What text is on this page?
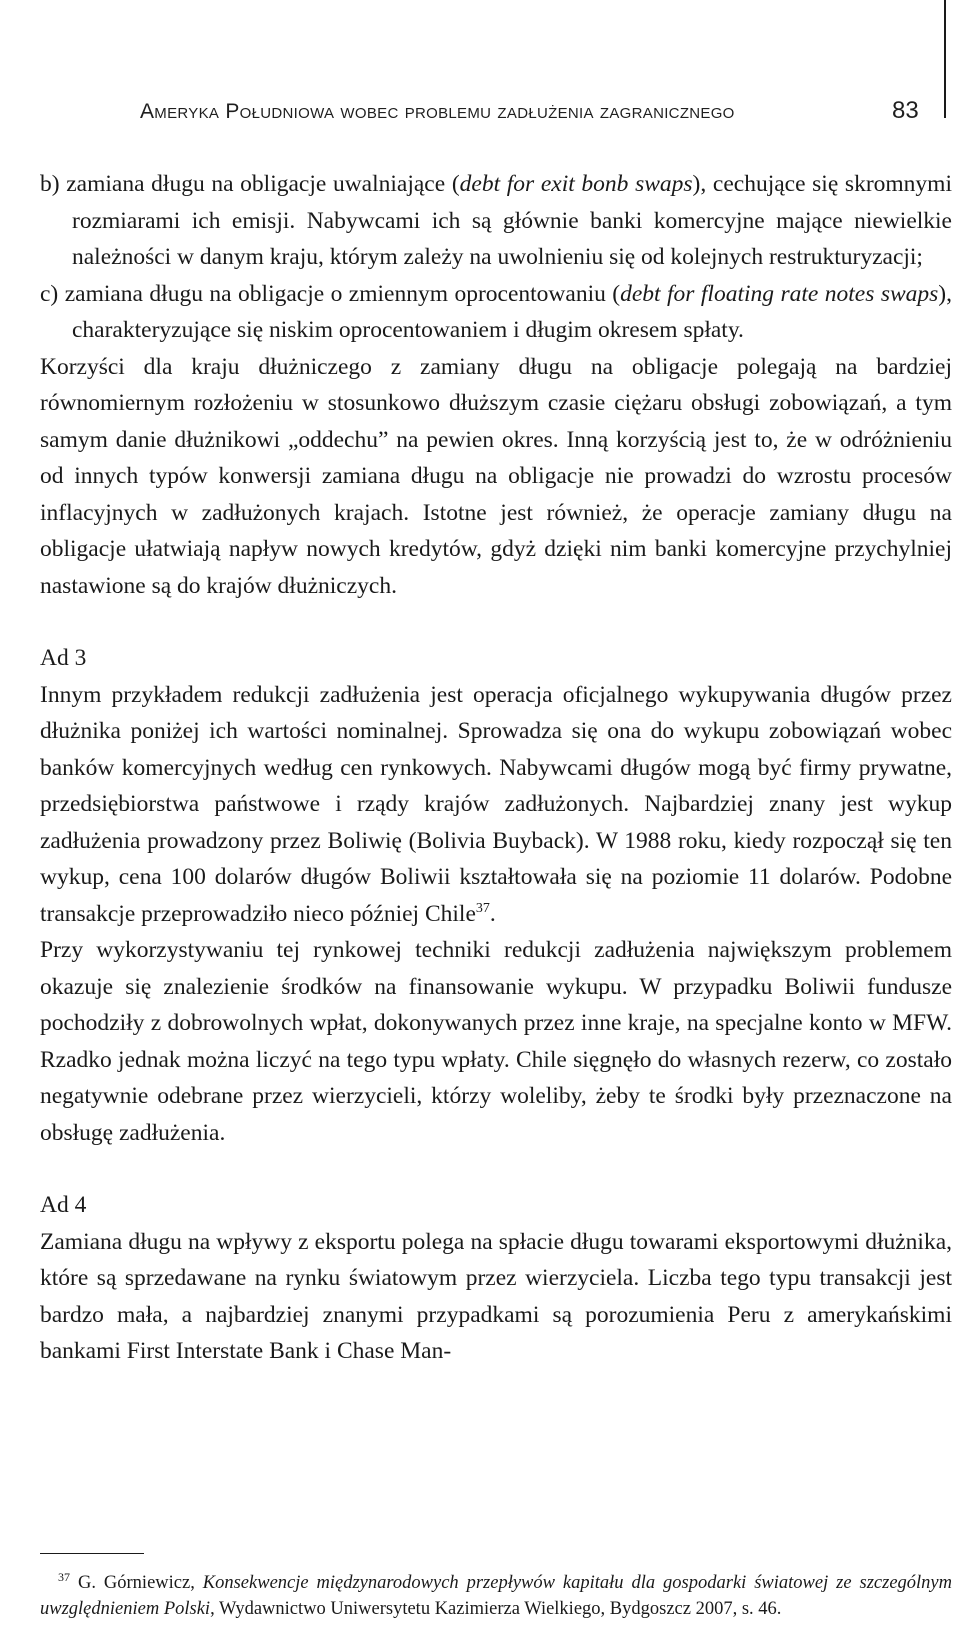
Ameryka Południowa wobec problemu zadłużenia zagranicznego	83

b) zamiana długu na obligacje uwalniające (debt for exit bonb swaps), cechujące się skromnymi rozmiarami ich emisji. Nabywcami ich są głównie banki komercyjne mające niewielkie należności w danym kraju, którym zależy na uwolnieniu się od kolejnych restrukturyzacji;

c) zamiana długu na obligacje o zmiennym oprocentowaniu (debt for floating rate notes swaps), charakteryzujące się niskim oprocentowaniem i długim okresem spłaty.

Korzyści dla kraju dłużniczego z zamiany długu na obligacje polegają na bardziej równomiernym rozłożeniu w stosunkowo dłuższym czasie ciężaru obsługi zobowiązań, a tym samym danie dłużnikowi „oddechu” na pewien okres. Inną korzyścią jest to, że w odróżnieniu od innych typów konwersji zamiana długu na obligacje nie prowadzi do wzrostu procesów inflacyjnych w zadłużonych krajach. Istotne jest również, że operacje zamiany długu na obligacje ułatwiają napływ nowych kredytów, gdyż dzięki nim banki komercyjne przychylniej nastawione są do krajów dłużniczych.

Ad 3

Innym przykładem redukcji zadłużenia jest operacja oficjalnego wykupywania długów przez dłużnika poniżej ich wartości nominalnej. Sprowadza się ona do wykupu zobowiązań wobec banków komercyjnych według cen rynkowych. Nabywcami długów mogą być firmy prywatne, przedsiębiorstwa państwowe i rządy krajów zadłużonych. Najbardziej znany jest wykup zadłużenia prowadzony przez Boliwię (Bolivia Buyback). W 1988 roku, kiedy rozpoczął się ten wykup, cena 100 dolarów długów Boliwii kształtowała się na poziomie 11 dolarów. Podobne transakcje przeprowadziło nieco później Chile$^{37}$.

Przy wykorzystywaniu tej rynkowej techniki redukcji zadłużenia największym problemem okazuje się znalezienie środków na finansowanie wykupu. W przypadku Boliwii fundusze pochodziły z dobrowolnych wpłat, dokonywanych przez inne kraje, na specjalne konto w MFW. Rzadko jednak można liczyć na tego typu wpłaty. Chile sięgnęło do własnych rezerw, co zostało negatywnie odebrane przez wierzycieli, którzy woleliby, żeby te środki były przeznaczone na obsługę zadłużenia.

Ad 4

Zamiana długu na wpływy z eksportu polega na spłacie długu towarami eksportowymi dłużnika, które są sprzedawane na rynku światowym przez wierzyciela. Liczba tego typu transakcji jest bardzo mała, a najbardziej znanymi przypadkami są porozumienia Peru z amerykańskimi bankami First Interstate Bank i Chase Man-

$^{37}$ G. Górniewicz, Konsekwencje międzynarodowych przepływów kapitału dla gospodarki światowej ze szczególnym uwzględnieniem Polski, Wydawnictwo Uniwersytetu Kazimierza Wielkiego, Bydgoszcz 2007, s. 46.
